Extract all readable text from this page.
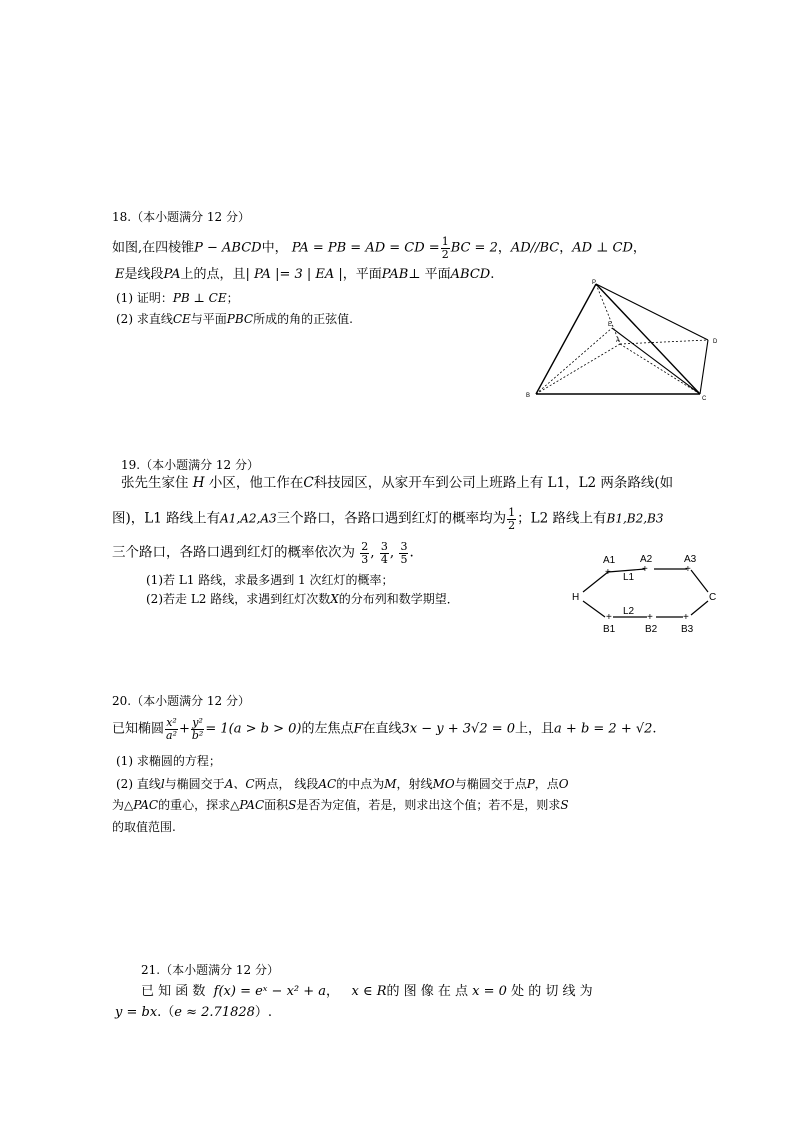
18.（本小题满分 12 分）
如图,在四棱锥P − ABCD中， PA = PB = AD = CD = $\frac{1}{2}$ BC = 2，AD//BC，AD ⊥ CD，
E是线段PA上的点，且| PA |= 3 | EA |，平面PAB⊥ 平面ABCD.
(1) 证明：PB ⊥ CE；
(2) 求直线CE与平面PBC所成的角的正弦值.
P
E
A	D
B	C
19.（本小题满分 12 分）
张先生家住 H 小区，他工作在C科技园区，从家开车到公司上班路上有 L1，L2 两条路线(如
图)，L1 路线上有A1,A2,A3三个路口，各路口遇到红灯的概率均为 $\frac{1}{2}$ ；L2 路线上有B1,B2,B3
三个路口，各路口遇到红灯的概率依次为 $\frac{2}{3}$ , $\frac{3}{4}$ , $\frac{3}{5}$ .
(1)若 L1 路线，求最多遇到 1 次红灯的概率；
(2)若走 L2 路线，求遇到红灯次数X的分布列和数学期望．
+	+	+
+	+	+
A1 A2	A3
L1
H	C
L2
B1	B2 B3
20.（本小题满分 12 分）
已知椭圆 $\frac{\text{x²}}{\text{a²}} + \frac{\text{y²}}{\text{b²}} = 1(a > b > 0)$的左焦点F在直线3x − y + 3√2 = 0上，且a + b = 2 + √2.
(1) 求椭圆的方程；
(2) 直线l与椭圆交于A、C两点， 线段AC的中点为M，射线MO与椭圆交于点P，点O
为△PAC的重心，探求△PAC面积S是否为定值，若是，则求出这个值；若不是，则求S
的取值范围.
21.（本小题满分 12 分）
已 知 函 数 f(x) = eˣ − x² + a， x ∈ R的 图 像 在 点 x = 0 处 的 切 线 为
y = bx.（e ≈ 2.71828）.
